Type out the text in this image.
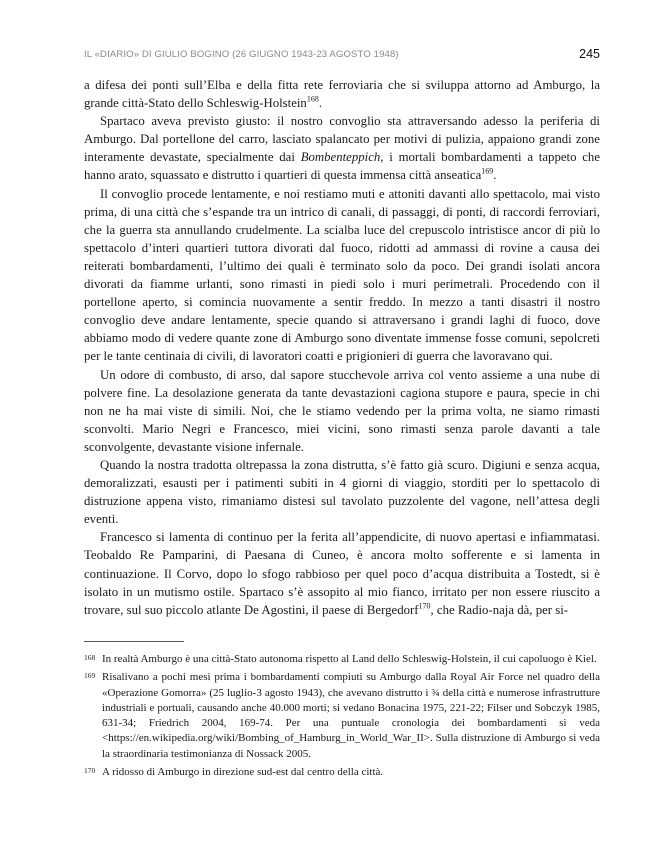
IL «DIARIO» DI GIULIO BOGINO (26 GIUGNO 1943-23 AGOSTO 1948)	245

a difesa dei ponti sull’Elba e della fitta rete ferroviaria che si sviluppa attorno ad Amburgo, la grande città-Stato dello Schleswig-Holstein$^{168}$.

Spartaco aveva previsto giusto: il nostro convoglio sta attraversando adesso la periferia di Amburgo. Dal portellone del carro, lasciato spalancato per motivi di pulizia, appaiono grandi zone interamente devastate, specialmente dai Bombenteppich, i mortali bombardamenti a tappeto che hanno arato, squassato e distrutto i quartieri di questa immensa città anseatica$^{169}$.

Il convoglio procede lentamente, e noi restiamo muti e attoniti davanti allo spettacolo, mai visto prima, di una città che s’espande tra un intrico di canali, di passaggi, di ponti, di raccordi ferroviari, che la guerra sta annullando crudelmente. La scialba luce del crepuscolo intristisce ancor di più lo spettacolo d’interi quartieri tuttora divorati dal fuoco, ridotti ad ammassi di rovine a causa dei reiterati bombardamenti, l’ultimo dei quali è terminato solo da poco. Dei grandi isolati ancora divorati da fiamme urlanti, sono rimasti in piedi solo i muri perimetrali. Procedendo con il portellone aperto, si comincia nuovamente a sentir freddo. In mezzo a tanti disastri il nostro convoglio deve andare lentamente, specie quando si attraversano i grandi laghi di fuoco, dove abbiamo modo di vedere quante zone di Amburgo sono diventate immense fosse comuni, sepolcreti per le tante centinaia di civili, di lavoratori coatti e prigionieri di guerra che lavoravano qui.

Un odore di combusto, di arso, dal sapore stucchevole arriva col vento assieme a una nube di polvere fine. La desolazione generata da tante devastazioni cagiona stupore e paura, specie in chi non ne ha mai viste di simili. Noi, che le stiamo vedendo per la prima volta, ne siamo rimasti sconvolti. Mario Negri e Francesco, miei vicini, sono rimasti senza parole davanti a tale sconvolgente, devastante visione infernale.

Quando la nostra tradotta oltrepassa la zona distrutta, s’è fatto già scuro. Digiuni e senza acqua, demoralizzati, esausti per i patimenti subiti in 4 giorni di viaggio, storditi per lo spettacolo di distruzione appena visto, rimaniamo distesi sul tavolato puzzolente del vagone, nell’attesa degli eventi.

Francesco si lamenta di continuo per la ferita all’appendicite, di nuovo apertasi e infiammatasi. Teobaldo Re Pamparini, di Paesana di Cuneo, è ancora molto sofferente e si lamenta in continuazione. Il Corvo, dopo lo sfogo rabbioso per quel poco d’acqua distribuita a Tostedt, si è isolato in un mutismo ostile. Spartaco s’è assopito al mio fianco, irritato per non essere riuscito a trovare, sul suo piccolo atlante De Agostini, il paese di Bergedorf$^{170}$, che Radio-naja dà, per si-

168 In realtà Amburgo è una città-Stato autonoma rispetto al Land dello Schleswig-Holstein, il cui capoluogo è Kiel.
169 Risalivano a pochi mesi prima i bombardamenti compiuti su Amburgo dalla Royal Air Force nel quadro della «Operazione Gomorra» (25 luglio-3 agosto 1943), che avevano distrutto i ¾ della città e numerose infrastrutture industriali e portuali, causando anche 40.000 morti; si vedano Bonacina 1975, 221-22; Filser und Sobczyk 1985, 631-34; Friedrich 2004, 169-74. Per una puntuale cronologia dei bombardamenti si veda <https://en.wikipedia.org/wiki/Bombing_of_Hamburg_in_World_War_II>. Sulla distruzione di Amburgo si veda la straordinaria testimonianza di Nossack 2005.
170 A ridosso di Amburgo in direzione sud-est dal centro della città.
